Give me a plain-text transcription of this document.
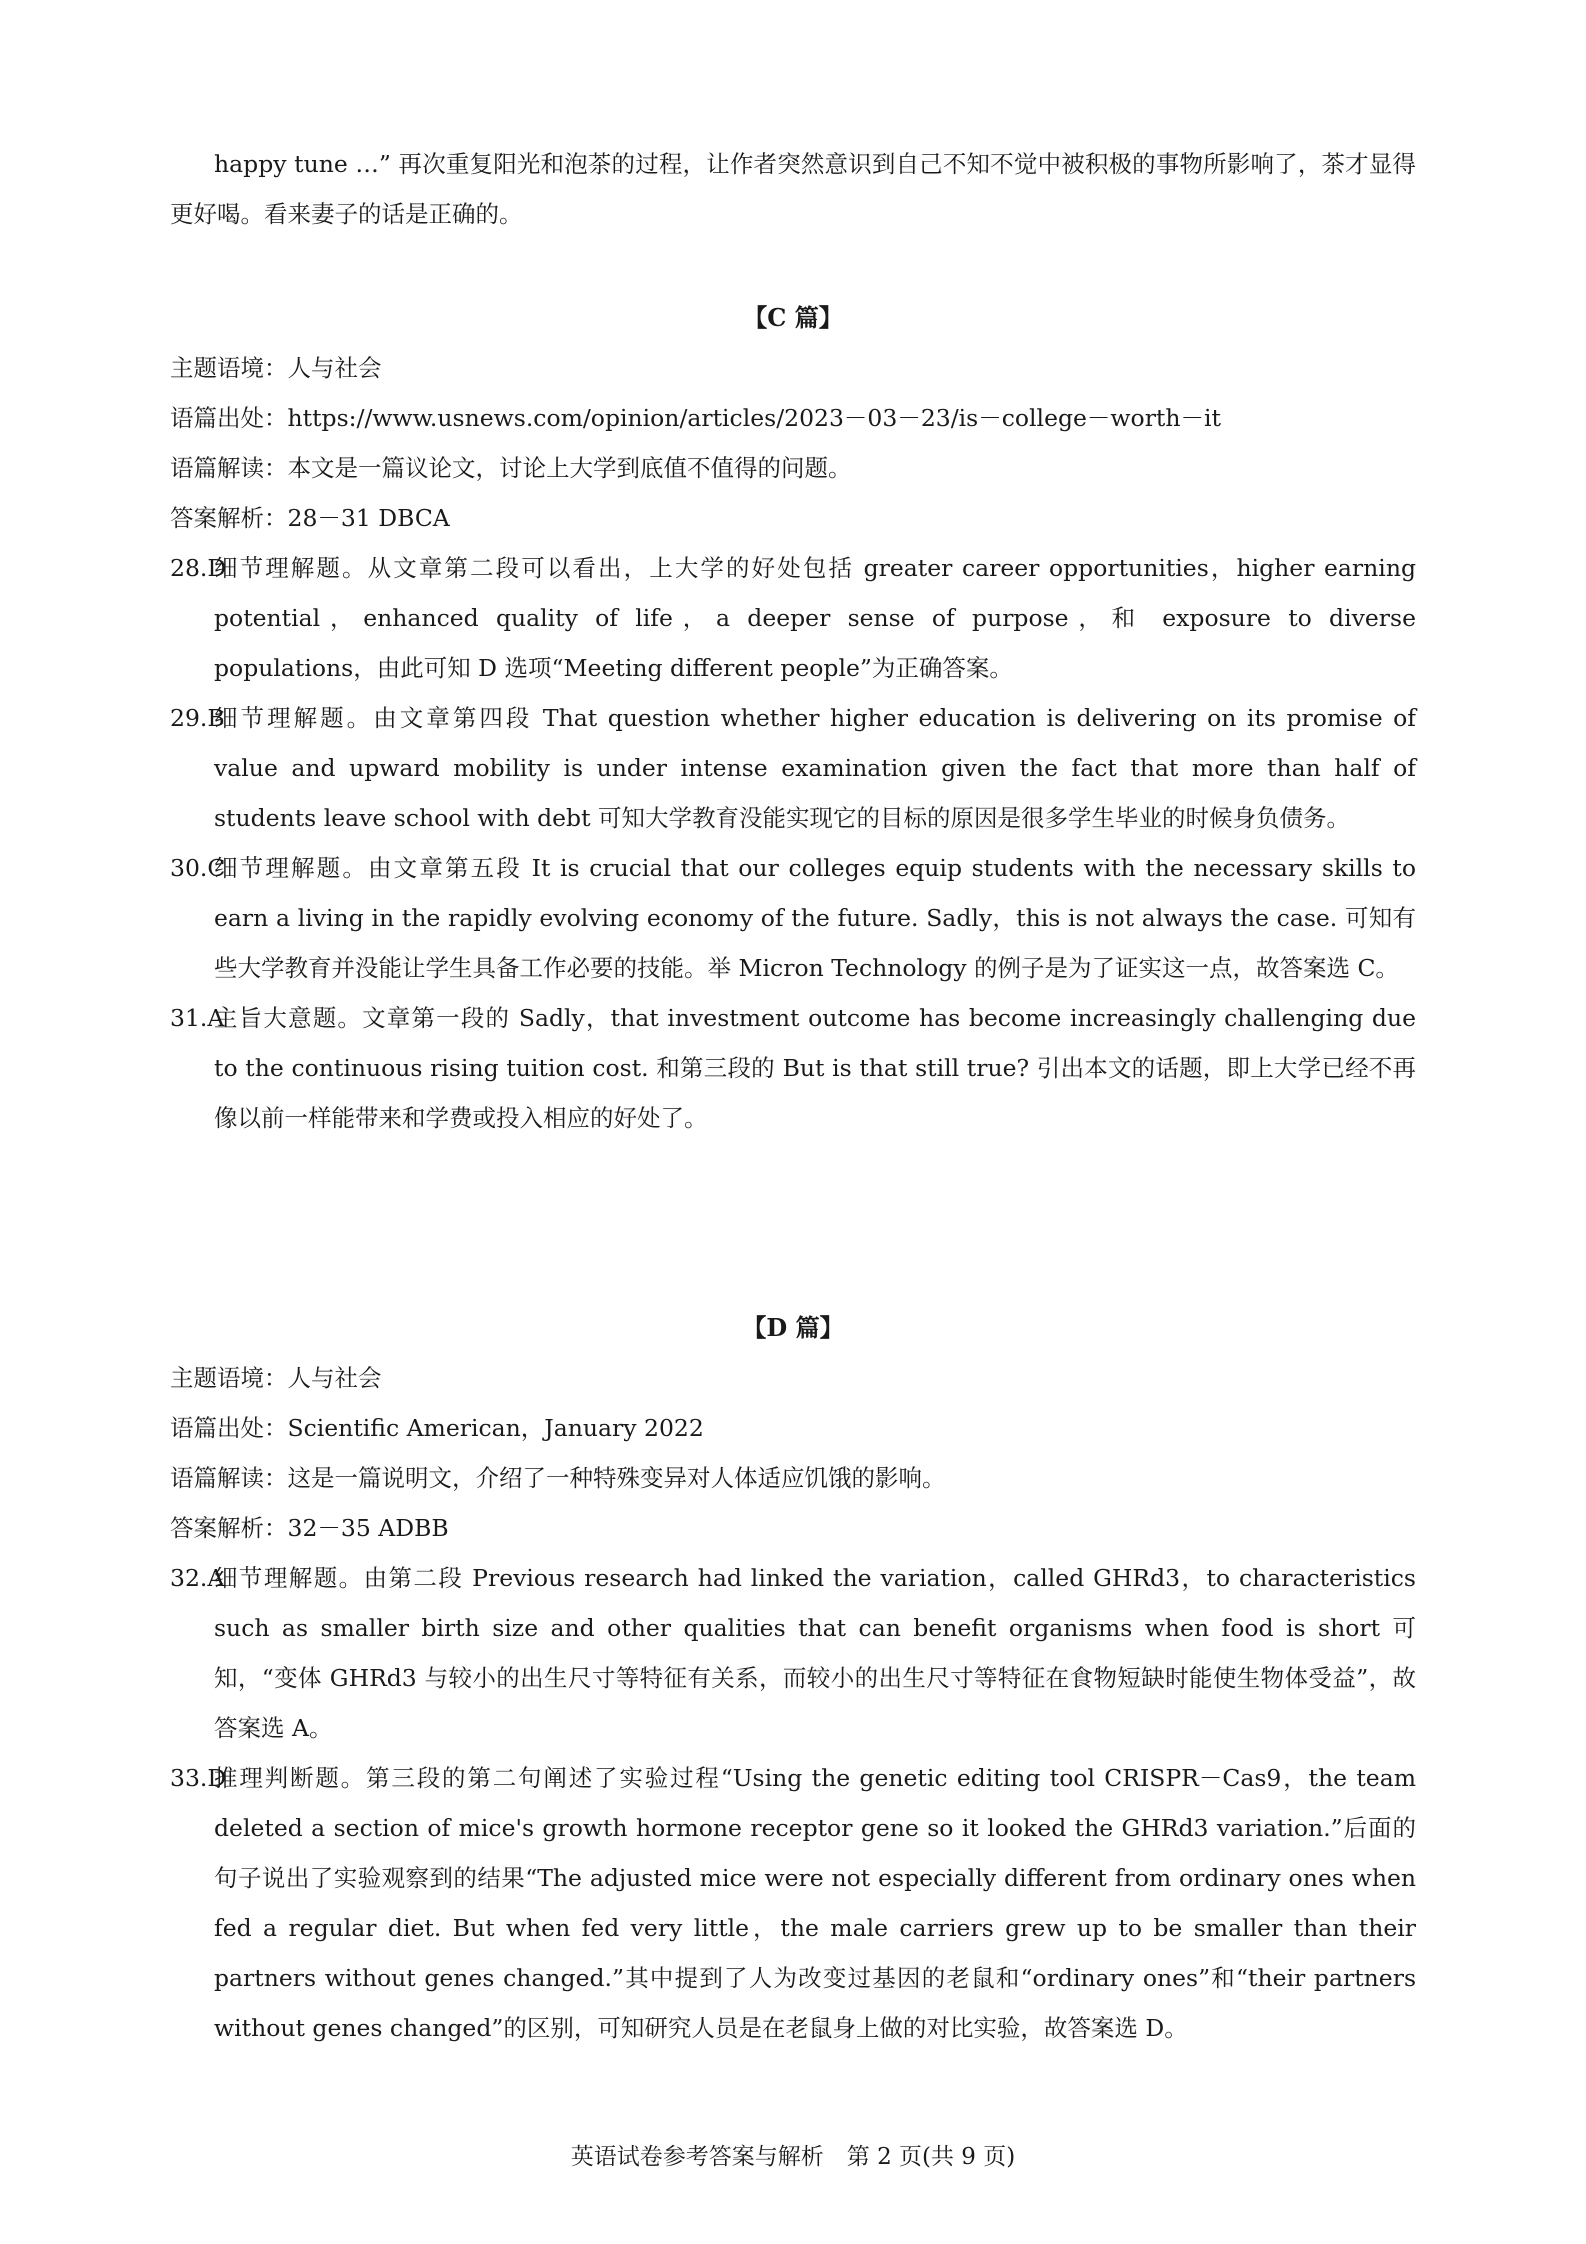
happy tune …” 再次重复阳光和泡茶的过程，让作者突然意识到自己不知不觉中被积极的事物所影响了，茶才显得更好喝。看来妻子的话是正确的。
【C 篇】

主题语境：人与社会

语篇出处：https://www.usnews.com/opinion/articles/2023－03－23/is－college－worth－it

语篇解读：本文是一篇议论文，讨论上大学到底值不值得的问题。

答案解析：28－31 DBCA

28.D
细节理解题。从文章第二段可以看出，上大学的好处包括 greater career opportunities，higher earning potential，enhanced quality of life，a deeper sense of purpose，和 exposure to diverse populations，由此可知 D 选项“Meeting different people”为正确答案。
29.B
细节理解题。由文章第四段 That question whether higher education is delivering on its promise of value and upward mobility is under intense examination given the fact that more than half of students leave school with debt 可知大学教育没能实现它的目标的原因是很多学生毕业的时候身负债务。
30.C
细节理解题。由文章第五段 It is crucial that our colleges equip students with the necessary skills to earn a living in the rapidly evolving economy of the future. Sadly，this is not always the case. 可知有些大学教育并没能让学生具备工作必要的技能。举 Micron Technology 的例子是为了证实这一点，故答案选 C。
31.A
主旨大意题。文章第一段的 Sadly，that investment outcome has become increasingly challenging due to the continuous rising tuition cost. 和第三段的 But is that still true? 引出本文的话题，即上大学已经不再像以前一样能带来和学费或投入相应的好处了。
【D 篇】

主题语境：人与社会

语篇出处：Scientific American，January 2022

语篇解读：这是一篇说明文，介绍了一种特殊变异对人体适应饥饿的影响。

答案解析：32－35 ADBB

32.A
细节理解题。由第二段 Previous research had linked the variation，called GHRd3，to characteristics such as smaller birth size and other qualities that can benefit organisms when food is short 可知，“变体 GHRd3 与较小的出生尺寸等特征有关系，而较小的出生尺寸等特征在食物短缺时能使生物体受益”，故答案选 A。
33.D
推理判断题。第三段的第二句阐述了实验过程“Using the genetic editing tool CRISPR－Cas9，the team deleted a section of mice's growth hormone receptor gene so it looked the GHRd3 variation.”后面的句子说出了实验观察到的结果“The adjusted mice were not especially different from ordinary ones when fed a regular diet. But when fed very little，the male carriers grew up to be smaller than their partners without genes changed.”其中提到了人为改变过基因的老鼠和“ordinary ones”和“their partners without genes changed”的区别，可知研究人员是在老鼠身上做的对比实验，故答案选 D。
英语试卷参考答案与解析　第 2 页(共 9 页)
